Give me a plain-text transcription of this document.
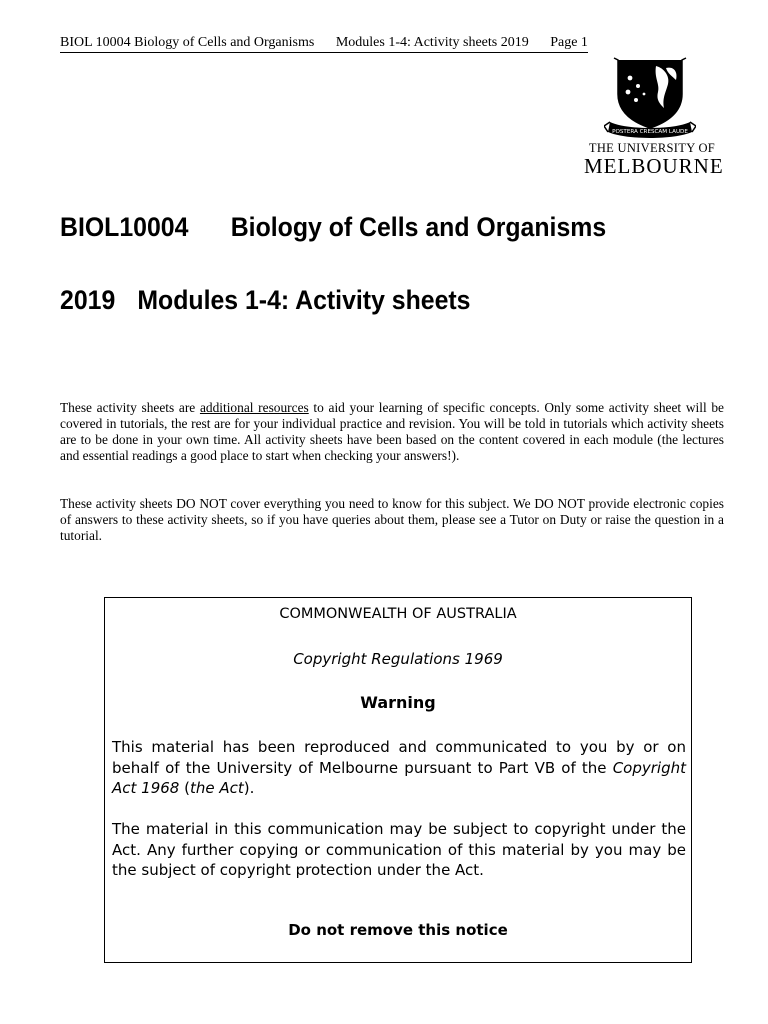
BIOL 10004 Biology of Cells and Organisms Modules 1-4: Activity sheets 2019 Page 1
POSTERA CRESCAM LAUDE
THE UNIVERSITY OF
MELBOURNE
BIOL10004 Biology of Cells and Organisms
2019 Modules 1-4: Activity sheets
These activity sheets are additional resources to aid your learning of specific concepts. Only some activity sheet will be covered in tutorials, the rest are for your individual practice and revision. You will be told in tutorials which activity sheets are to be done in your own time. All activity sheets have been based on the content covered in each module (the lectures and essential readings a good place to start when checking your answers!).
These activity sheets DO NOT cover everything you need to know for this subject. We DO NOT provide electronic copies of answers to these activity sheets, so if you have queries about them, please see a Tutor on Duty or raise the question in a tutorial.
COMMONWEALTH OF AUSTRALIA
Copyright Regulations 1969
Warning
This material has been reproduced and communicated to you by or on behalf of the University of Melbourne pursuant to Part VB of the Copyright Act 1968 (the Act).
The material in this communication may be subject to copyright under the Act. Any further copying or communication of this material by you may be the subject of copyright protection under the Act.
Do not remove this notice
